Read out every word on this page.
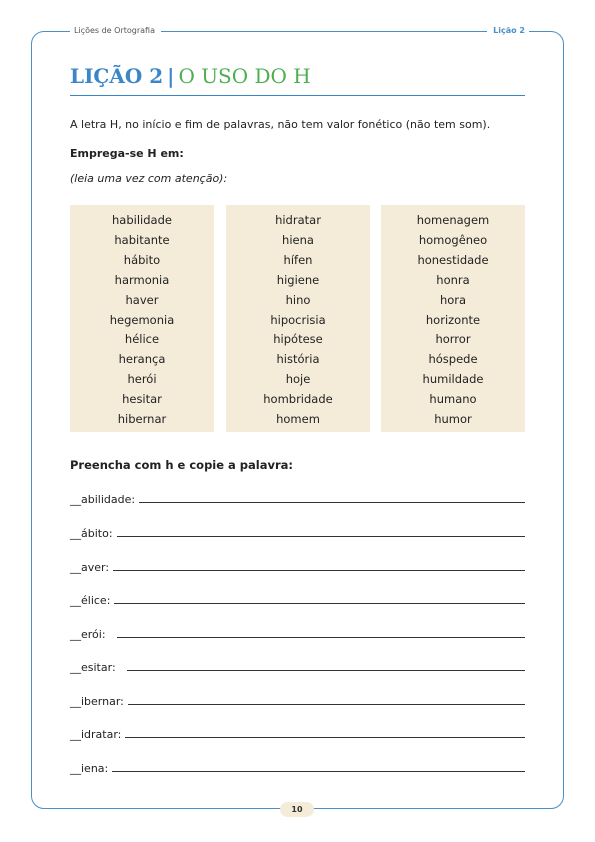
Lições de Ortografia	Lição 2
LIÇÃO 2 | O USO DO H
A letra H, no início e fim de palavras, não tem valor fonético (não tem som).
Emprega-se H em:
(leia uma vez com atenção):
habilidade
habitante
hábito
harmonia
haver
hegemonia
hélice
herança
herói
hesitar
hibernar
hidratar
hiena
hífen
higiene
hino
hipocrisia
hipótese
história
hoje
hombridade
homem
homenagem
homogêneo
honestidade
honra
hora
horizonte
horror
hóspede
humildade
humano
humor
Preencha com h e copie a palavra:
__abilidade:
__ábito:
__aver:
__élice:
__erói:
__esitar:
__ibernar:
__idratar:
__iena:
10
